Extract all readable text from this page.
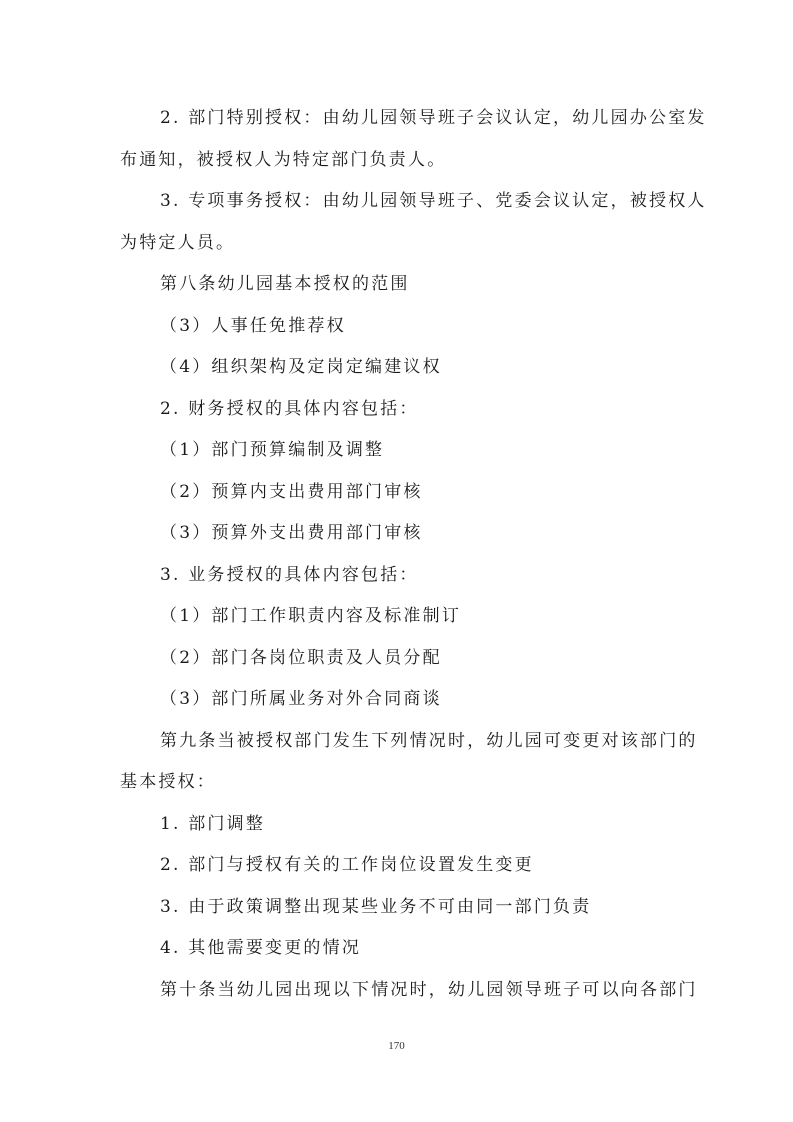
2. 部门特别授权：由幼儿园领导班子会议认定，幼儿园办公室发
布通知，被授权人为特定部门负责人。
3. 专项事务授权：由幼儿园领导班子、党委会议认定，被授权人
为特定人员。
第八条幼儿园基本授权的范围
（3）人事任免推荐权
（4）组织架构及定岗定编建议权
2. 财务授权的具体内容包括：
（1）部门预算编制及调整
（2）预算内支出费用部门审核
（3）预算外支出费用部门审核
3. 业务授权的具体内容包括：
（1）部门工作职责内容及标准制订
（2）部门各岗位职责及人员分配
（3）部门所属业务对外合同商谈
第九条当被授权部门发生下列情况时，幼儿园可变更对该部门的
基本授权：
1. 部门调整
2. 部门与授权有关的工作岗位设置发生变更
3. 由于政策调整出现某些业务不可由同一部门负责
4. 其他需要变更的情况
第十条当幼儿园出现以下情况时，幼儿园领导班子可以向各部门
170
